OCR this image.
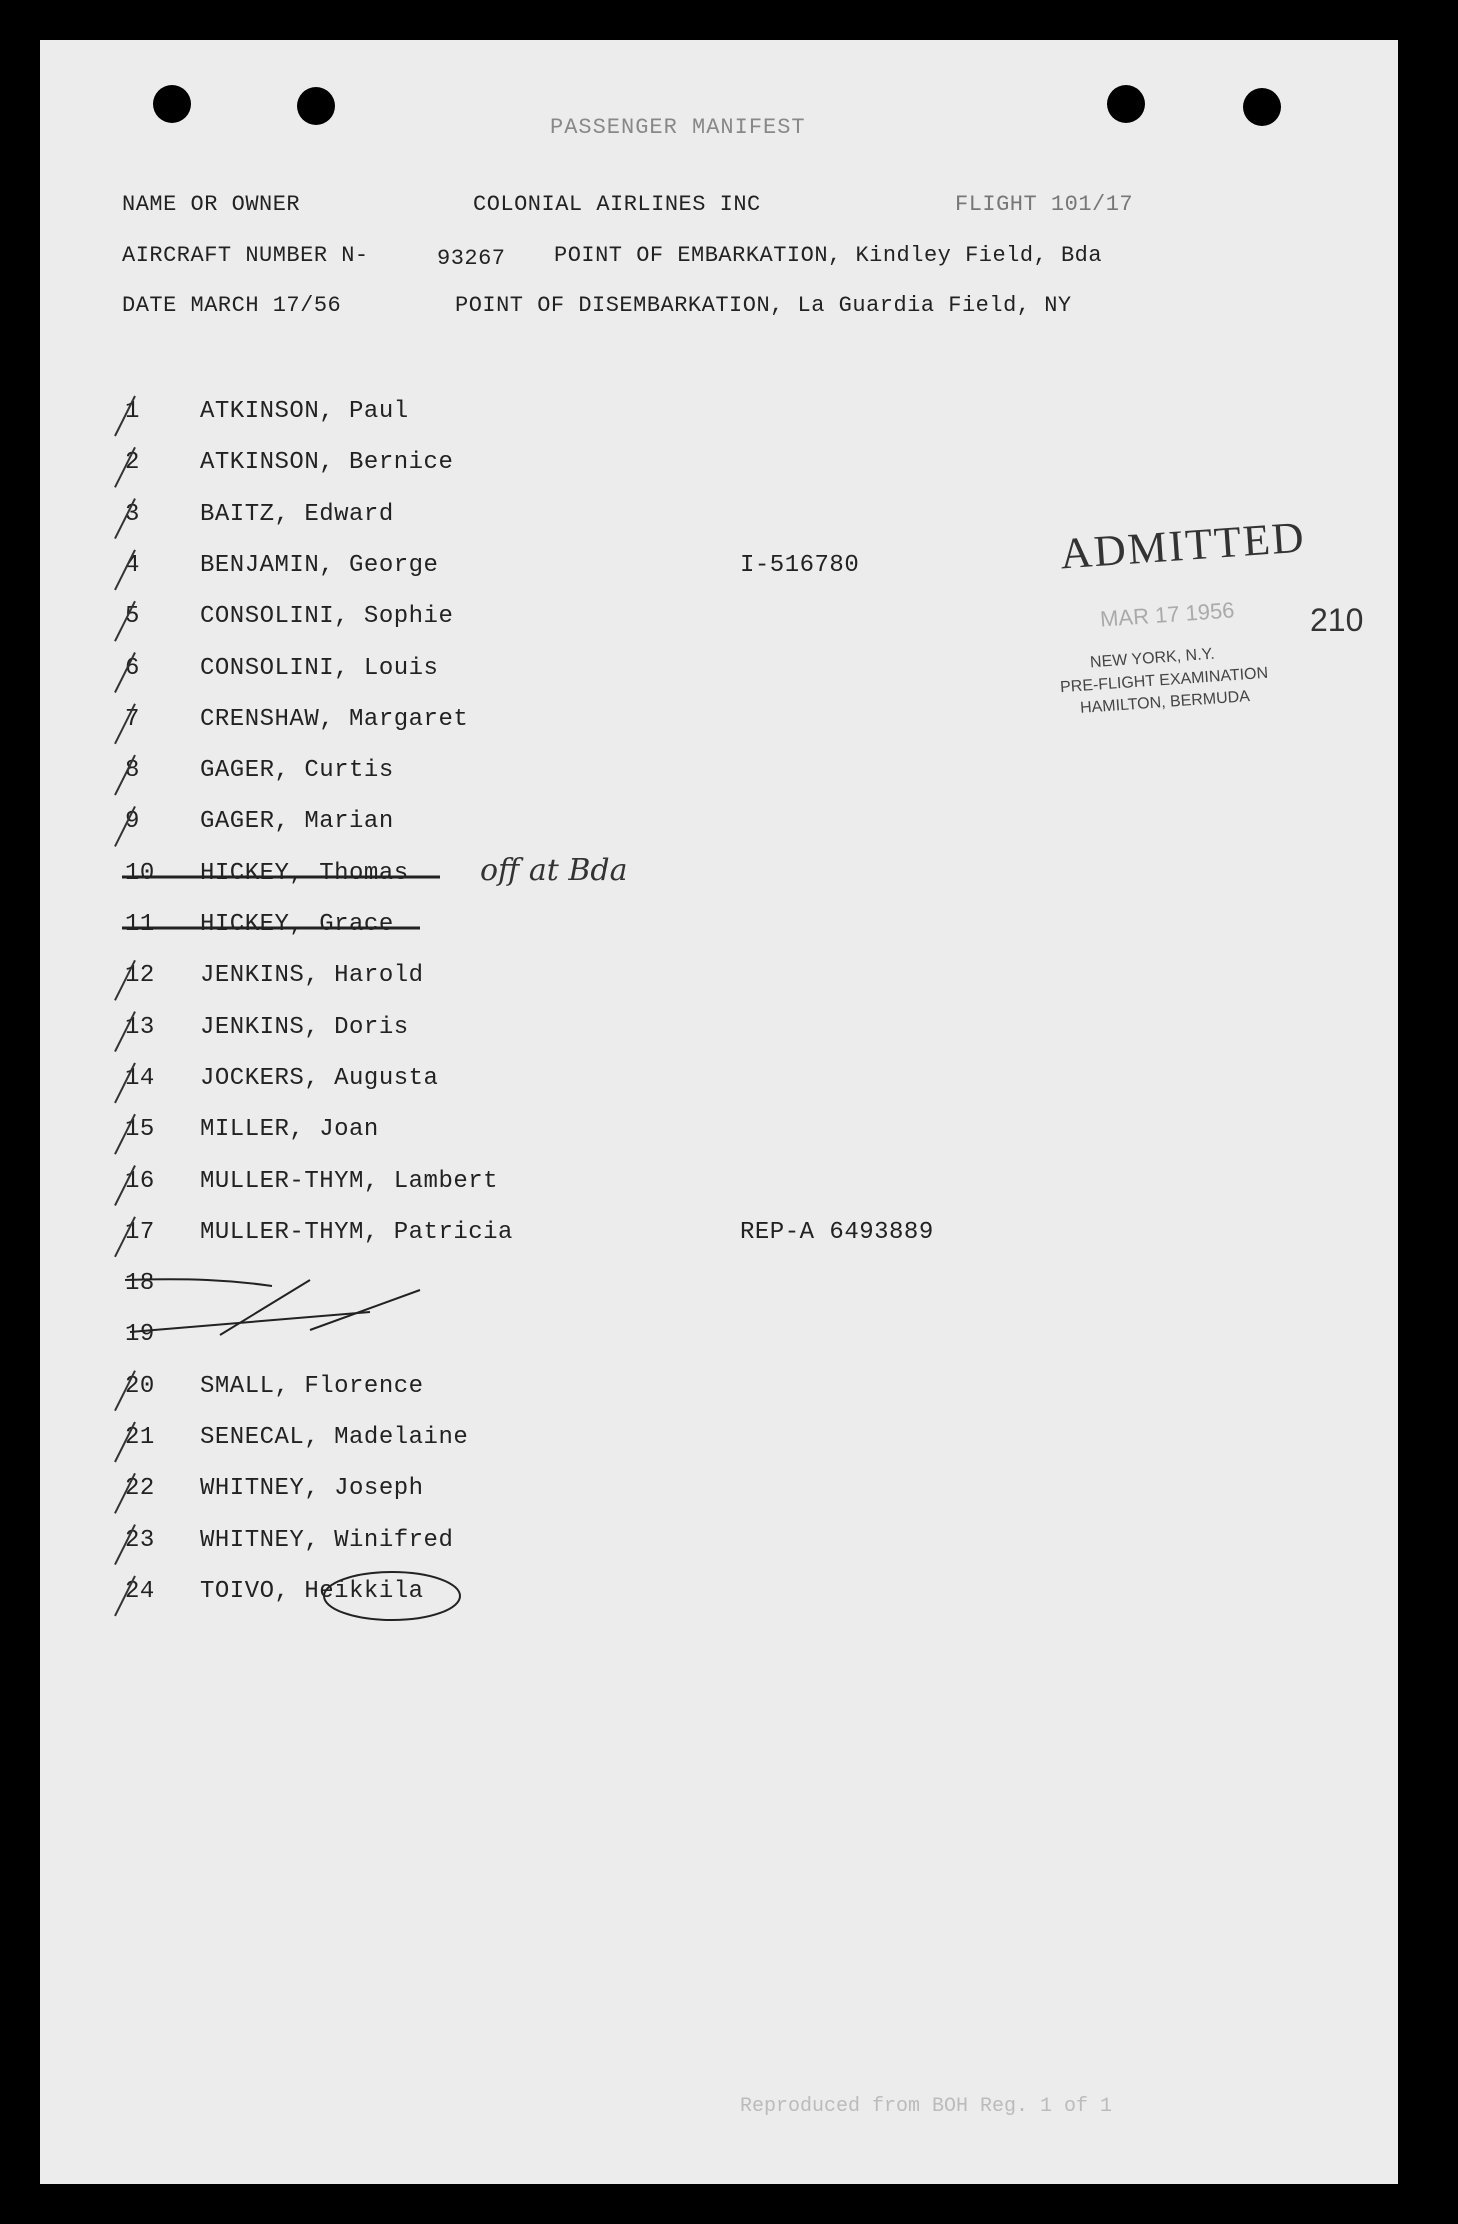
PASSENGER MANIFEST
NAME OR OWNER	COLONIAL AIRLINES INC	FLIGHT 101/17
AIRCRAFT NUMBER N-	93267 POINT OF EMBARKATION, Kindley Field, Bda
DATE MARCH 17/56	POINT OF DISEMBARKATION, La Guardia Field, NY
1	ATKINSON, Paul
2	ATKINSON, Bernice
3	BAITZ, Edward
4	BENJAMIN, George	I-516780
5	CONSOLINI, Sophie
6	CONSOLINI, Louis
7	CRENSHAW, Margaret
8	GAGER, Curtis
9	GAGER, Marian
10 HICKEY, Thomas
11 HICKEY, Grace
12 JENKINS, Harold
13 JENKINS, Doris
14 JOCKERS, Augusta
15 MILLER, Joan
16 MULLER-THYM, Lambert
17 MULLER-THYM, Patricia	REP-A 6493889
18
19
20 SMALL, Florence
21 SENECAL, Madelaine
22 WHITNEY, Joseph
23 WHITNEY, Winifred
24 TOIVO, Heikkila
off at Bda
ADMITTED
MAR 17 1956 210
NEW YORK, N.Y.
PRE-FLIGHT EXAMINATION
HAMILTON, BERMUDA
Reproduced from BOH Reg. 1 of 1
